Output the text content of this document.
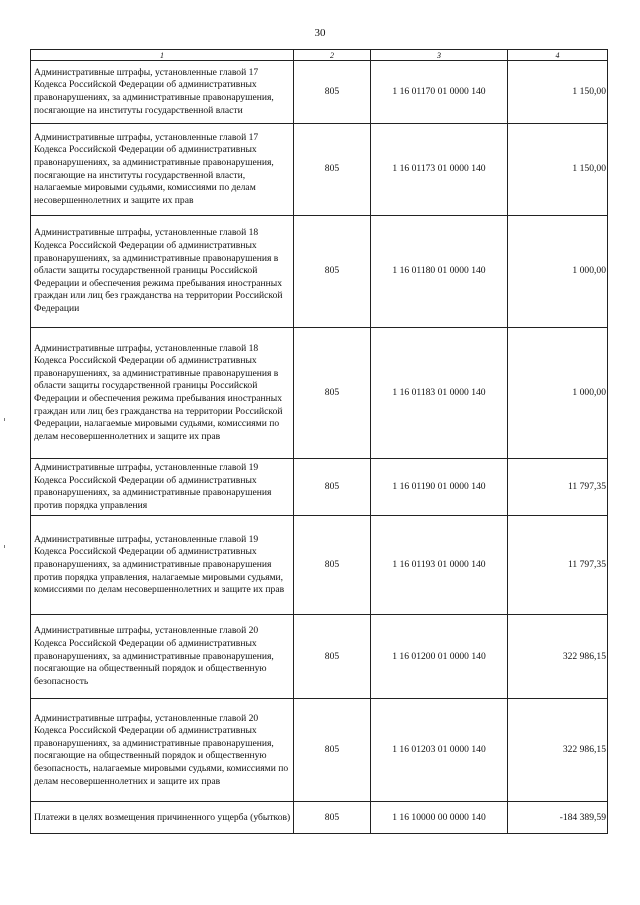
30
1	2	3	4
Административные штрафы, установленные главой 17 Кодекса Российской Федерации об административных правонарушениях, за административные правонарушения, посягающие на институты государственной власти	805	1 16 01170 01 0000 140	1 150,00
Административные штрафы, установленные главой 17 Кодекса Российской Федерации об административных правонарушениях, за административные правонарушения, посягающие на институты государственной власти, налагаемые мировыми судьями, комиссиями по делам несовершеннолетних и защите их прав	805	1 16 01173 01 0000 140	1 150,00
Административные штрафы, установленные главой 18 Кодекса Российской Федерации об административных правонарушениях, за административные правонарушения в области защиты государственной границы Российской Федерации и обеспечения режима пребывания иностранных граждан или лиц без гражданства на территории Российской Федерации	805	1 16 01180 01 0000 140	1 000,00
Административные штрафы, установленные главой 18 Кодекса Российской Федерации об административных правонарушениях, за административные правонарушения в области защиты государственной границы Российской Федерации и обеспечения режима пребывания иностранных граждан или лиц без гражданства на территории Российской Федерации, налагаемые мировыми судьями, комиссиями по делам несовершеннолетних и защите их прав	805	1 16 01183 01 0000 140	1 000,00
Административные штрафы, установленные главой 19 Кодекса Российской Федерации об административных правонарушениях, за административные правонарушения против порядка управления	805	1 16 01190 01 0000 140	11 797,35
Административные штрафы, установленные главой 19 Кодекса Российской Федерации об административных правонарушениях, за административные правонарушения против порядка управления, налагаемые мировыми судьями, комиссиями по делам несовершеннолетних и защите их прав	805	1 16 01193 01 0000 140	11 797,35
Административные штрафы, установленные главой 20 Кодекса Российской Федерации об административных правонарушениях, за административные правонарушения, посягающие на общественный порядок и общественную безопасность	805	1 16 01200 01 0000 140	322 986,15
Административные штрафы, установленные главой 20 Кодекса Российской Федерации об административных правонарушениях, за административные правонарушения, посягающие на общественный порядок и общественную безопасность, налагаемые мировыми судьями, комиссиями по делам несовершеннолетних и защите их прав	805	1 16 01203 01 0000 140	322 986,15
Платежи в целях возмещения причиненного ущерба (убытков)	805	1 16 10000 00 0000 140	-184 389,59
